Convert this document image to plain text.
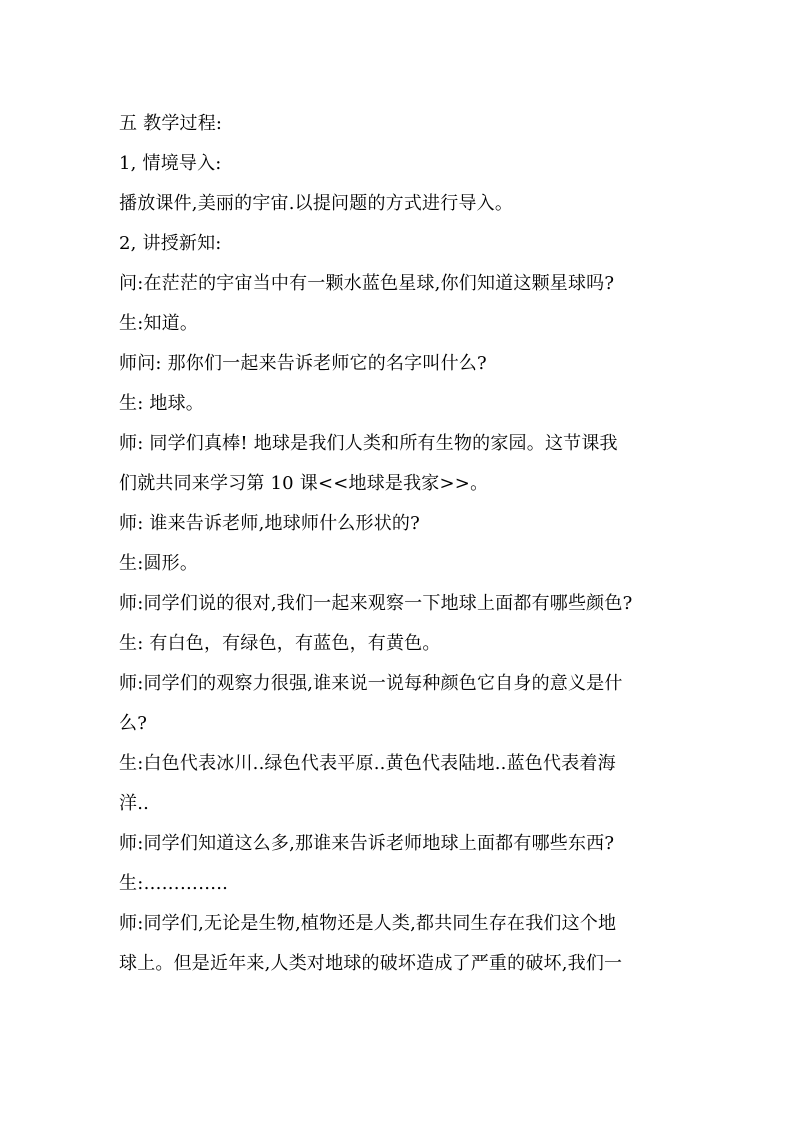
五 教学过程:
1, 情境导入:
播放课件,美丽的宇宙.以提问题的方式进行导入。
2, 讲授新知:
问:在茫茫的宇宙当中有一颗水蓝色星球,你们知道这颗星球吗?
生:知道。
师问: 那你们一起来告诉老师它的名字叫什么?
生: 地球。
师: 同学们真棒! 地球是我们人类和所有生物的家园。这节课我
们就共同来学习第 10 课<<地球是我家>>。
师: 谁来告诉老师,地球师什么形状的?
生:圆形。
师:同学们说的很对,我们一起来观察一下地球上面都有哪些颜色?
生: 有白色，有绿色，有蓝色，有黄色。
师:同学们的观察力很强,谁来说一说每种颜色它自身的意义是什
么?
生:白色代表冰川..绿色代表平原..黄色代表陆地..蓝色代表着海
洋..
师:同学们知道这么多,那谁来告诉老师地球上面都有哪些东西?
生:…………..
师:同学们,无论是生物,植物还是人类,都共同生存在我们这个地
球上。但是近年来,人类对地球的破坏造成了严重的破坏,我们一
